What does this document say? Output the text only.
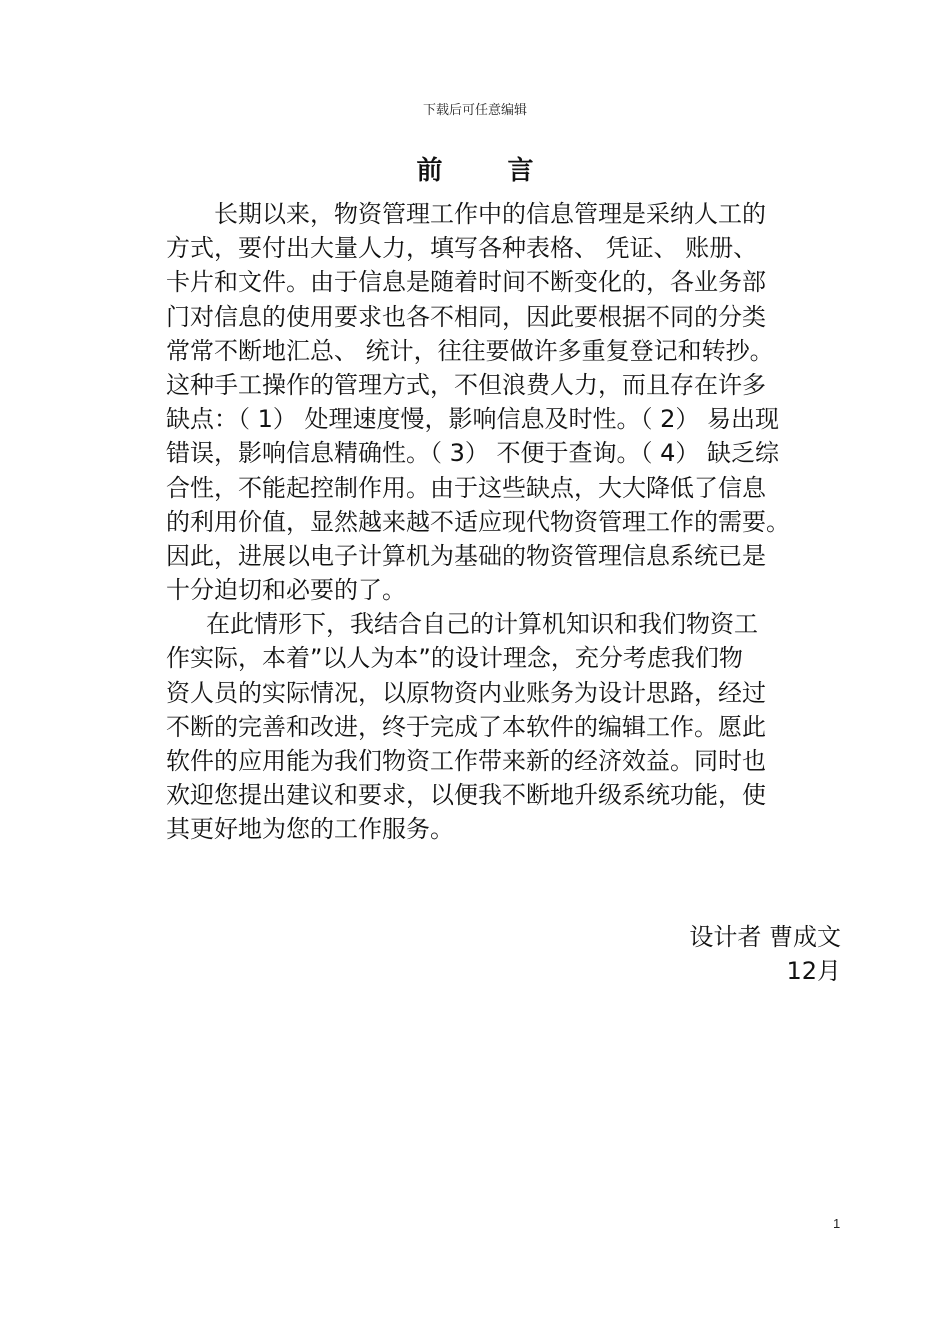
下载后可任意编辑
前 言
长期以来，物资管理工作中的信息管理是采纳人工的
方式，要付出大量人力，填写各种表格、 凭证、 账册、
卡片和文件。由于信息是随着时间不断变化的，各业务部
门对信息的使用要求也各不相同，因此要根据不同的分类
常常不断地汇总、 统计，往往要做许多重复登记和转抄。
这种手工操作的管理方式，不但浪费人力，而且存在许多
缺点：（ 1） 处理速度慢，影响信息及时性。（ 2） 易出现
错误，影响信息精确性。（ 3） 不便于查询。（ 4） 缺乏综
合性，不能起控制作用。由于这些缺点，大大降低了信息
的利用价值，显然越来越不适应现代物资管理工作的需要。
因此，进展以电子计算机为基础的物资管理信息系统已是
十分迫切和必要的了。
在此情形下，我结合自己的计算机知识和我们物资工
作实际，本着”以人为本”的设计理念，充分考虑我们物
资人员的实际情况，以原物资内业账务为设计思路，经过
不断的完善和改进，终于完成了本软件的编辑工作。愿此
软件的应用能为我们物资工作带来新的经济效益。同时也
欢迎您提出建议和要求，以便我不断地升级系统功能，使
其更好地为您的工作服务。
设计者 曹成文
12月
1
